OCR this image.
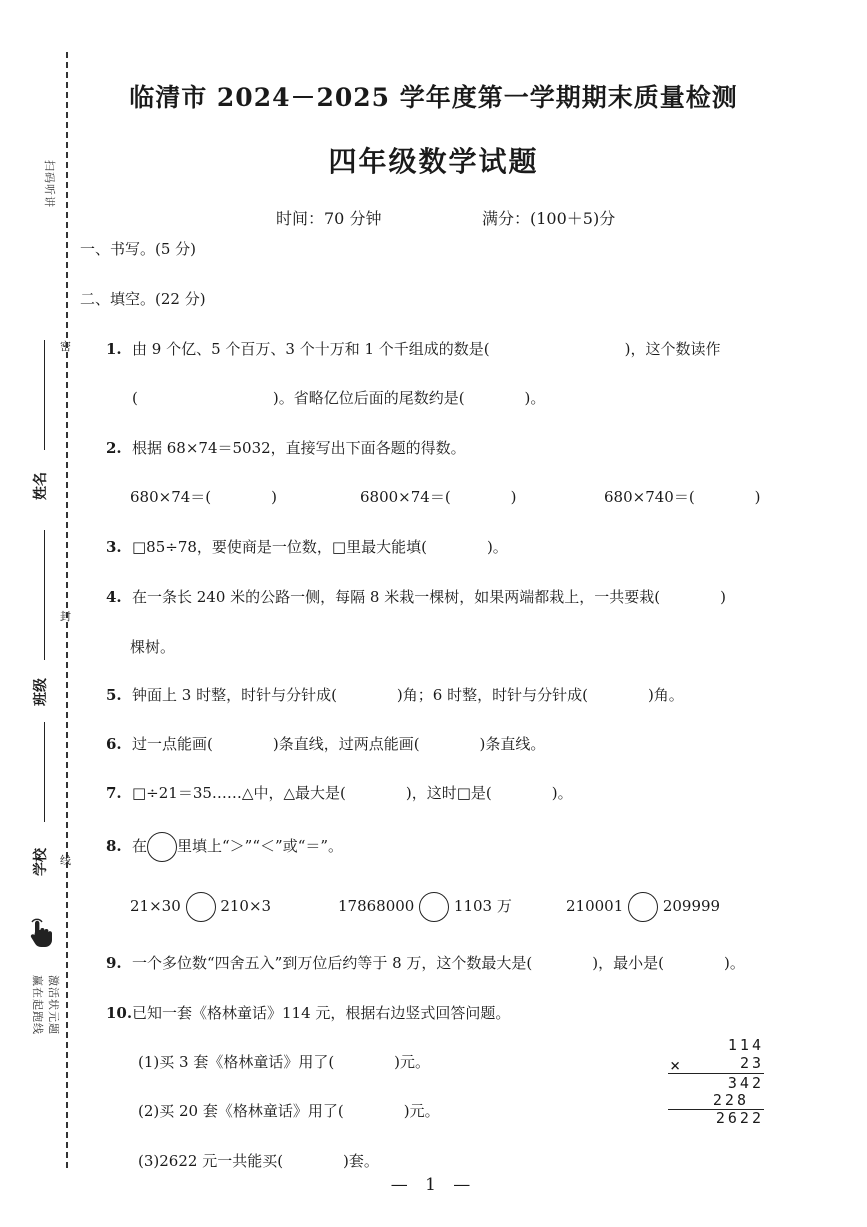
扫码听讲
密
封
线
姓名
班级
学校
激活状元题
赢在起跑线
临清市 2024－2025 学年度第一学期期末质量检测
四年级数学试题
时间：70 分钟	满分：(100＋5)分
一、书写。(5 分)
二、填空。(22 分)
1. 由 9 个亿、5 个百万、3 个十万和 1 个千组成的数是(　　　　　　　　　)，这个数读作
(　　　　　　　　　)。省略亿位后面的尾数约是(　　　　)。
2. 根据 68×74＝5032，直接写出下面各题的得数。
680×74＝(　　　　)	6800×74＝(　　　　)	680×740＝(　　　　)
3. □85÷78，要使商是一位数，□里最大能填(　　　　)。
4. 在一条长 240 米的公路一侧，每隔 8 米栽一棵树，如果两端都栽上，一共要栽(　　　　)
棵树。
5. 钟面上 3 时整，时针与分针成(　　　　)角；6 时整，时针与分针成(　　　　)角。
6. 过一点能画(　　　　)条直线，过两点能画(　　　　)条直线。
7. □÷21＝35……△中，△最大是(　　　　)，这时□是(　　　　)。
8. 在 里填上“＞”“＜”或“＝”。
21×30	210×3	17868000	1103 万	210001	209999
9. 一个多位数“四舍五入”到万位后约等于 8 万，这个数最大是(　　　　)，最小是(　　　　)。
10.已知一套《格林童话》114 元，根据右边竖式回答问题。
(1)买 3 套《格林童话》用了(　　　　)元。
(2)买 20 套《格林童话》用了(　　　　)元。
(3)2622 元一共能买(　　　　)套。
114
×	23
342
228
2622
— 1 —
